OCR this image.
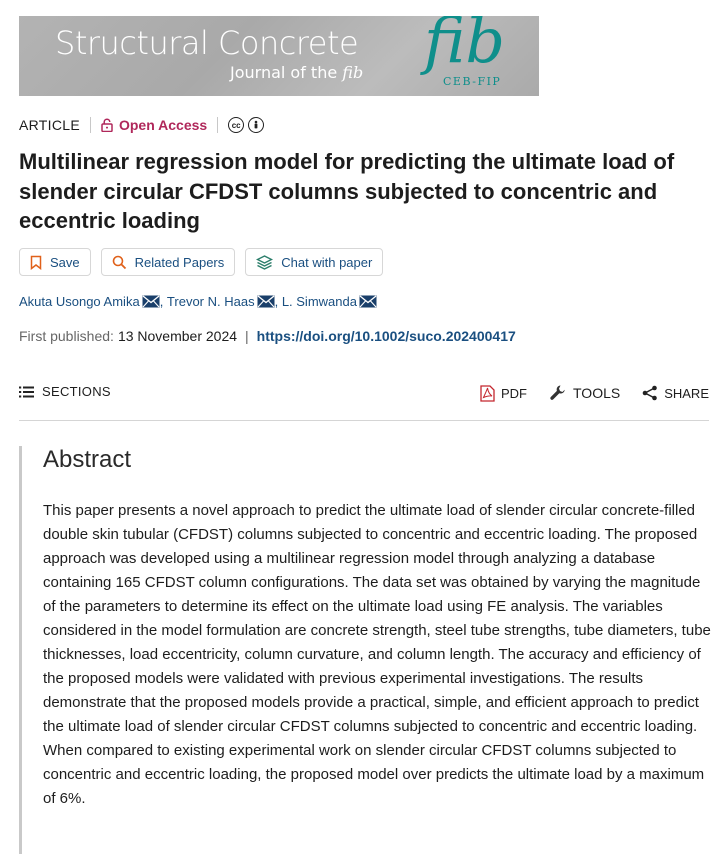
Structural Concrete
Journal of the fib fib
CEB-FIP
ARTICLE	Open Access	cc
Multilinear regression model for predicting the ultimate load of slender circular CFDST columns subjected to concentric and eccentric loading
Save	Related Papers	Chat with paper
Akuta Usongo Amika , Trevor N. Haas , L. Simwanda
First published: 13 November 2024 | https://doi.org/10.1002/suco.202400417
SECTIONS	PDF	TOOLS	SHARE
Abstract

This paper presents a novel approach to predict the ultimate load of slender circular concrete-filled double skin tubular (CFDST) columns subjected to concentric and eccentric loading. The proposed approach was developed using a multilinear regression model through analyzing a database containing 165 CFDST column configurations. The data set was obtained by varying the magnitude of the parameters to determine its effect on the ultimate load using FE analysis. The variables considered in the model formulation are concrete strength, steel tube strengths, tube diameters, tube thicknesses, load eccentricity, column curvature, and column length. The accuracy and efficiency of the proposed models were validated with previous experimental investigations. The results demonstrate that the proposed models provide a practical, simple, and efficient approach to predict the ultimate load of slender circular CFDST columns subjected to concentric and eccentric loading. When compared to existing experimental work on slender circular CFDST columns subjected to concentric and eccentric loading, the proposed model over predicts the ultimate load by a maximum of 6%.
